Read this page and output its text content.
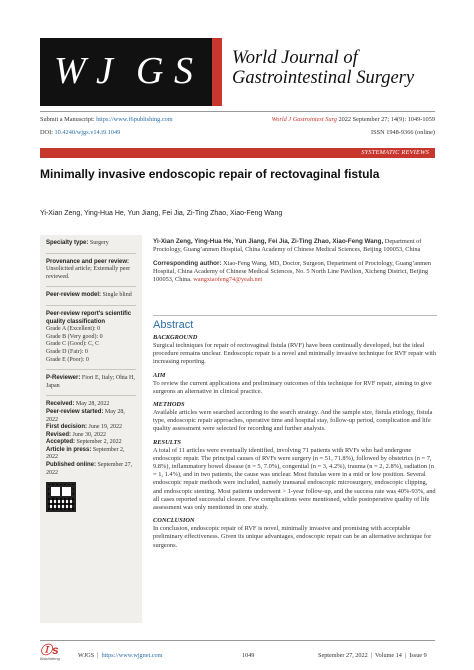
W J G S World Journal of
Gastrointestinal Surgery
Submit a Manuscript: https://www.f6publishing.com	World J Gastrointest Surg 2022 September 27; 14(9): 1049-1059
DOI: 10.4240/wjgs.v14.i9.1049	ISSN 1948-9366 (online)
SYSTEMATIC REVIEWS
Minimally invasive endoscopic repair of rectovaginal fistula
Yi-Xian Zeng, Ying-Hua He, Yun Jiang, Fei Jia, Zi-Ting Zhao, Xiao-Feng Wang
Specialty type: Surgery
Provenance and peer review:
Unsolicited article; Externally peer reviewed.
Peer-review model: Single blind
Peer-review report's scientific quality classification
Grade A (Excellent): 0
Grade B (Very good): 0
Grade C (Good): C, C
Grade D (Fair): 0
Grade E (Poor): 0
P-Reviewer: Fiori E, Italy; Ohta H, Japan
Received: May 28, 2022
Peer-review started: May 28, 2022
First decision: June 19, 2022
Revised: June 30, 2022
Accepted: September 2, 2022
Article in press: September 2, 2022
Published online: September 27, 2022
Yi-Xian Zeng, Ying-Hua He, Yun Jiang, Fei Jia, Zi-Ting Zhao, Xiao-Feng Wang, Department of Proctology, Guang’anmen Hospital, China Academy of Chinese Medical Sciences, Beijing 100053, China
Corresponding author: Xiao-Feng Wang, MD, Doctor, Surgeon, Department of Proctology, Guang’anmen Hospital, China Academy of Chinese Medical Sciences, No. 5 North Line Pavilion, Xicheng District, Beijing 100053, China. wangxiaofeng74@yeah.net
Abstract
BACKGROUND
Surgical techniques for repair of rectovaginal fistula (RVF) have been continually developed, but the ideal procedure remains unclear. Endoscopic repair is a novel and minimally invasive technique for RVF repair with increasing reporting.
AIM
To review the current applications and preliminary outcomes of this technique for RVF repair, aiming to give surgeons an alternative in clinical practice.
METHODS
Available articles were searched according to the search strategy. And the sample size, fistula etiology, fistula type, endoscopic repair approaches, operative time and hospital stay, follow-up period, complication and life quality assessment were selected for recording and further analysis.
RESULTS
A total of 11 articles were eventually identified, involving 71 patients with RVFs who had undergone endoscopic repair. The principal causes of RVFs were surgery (n = 51, 71.8%), followed by obstetrics (n = 7, 9.8%), inflammatory bowel disease (n = 5, 7.0%), congenital (n = 3, 4.2%), trauma (n = 2, 2.8%), radiation (n = 1, 1.4%), and in two patients, the cause was unclear. Most fistulas were in a mid or low position. Several endoscopic repair methods were included, namely transanal endoscopic microsurgery, endoscopic clipping, and endoscopic stenting. Most patients underwent > 1-year follow-up, and the success rate was 40%-93%, and all cases reported successful closure. Few complications were mentioned, while postoperative quality of life assessment was only mentioned in one study.
CONCLUSION
In conclusion, endoscopic repair of RVF is novel, minimally invasive and promising with acceptable preliminary effectiveness. Given its unique advantages, endoscopic repair can be an alternative technique for surgeons.
Ⓘs
Baishideng	WJGS  |  https://www.wjgnet.com	1049	September 27, 2022  |  Volume 14  |  Issue 9
